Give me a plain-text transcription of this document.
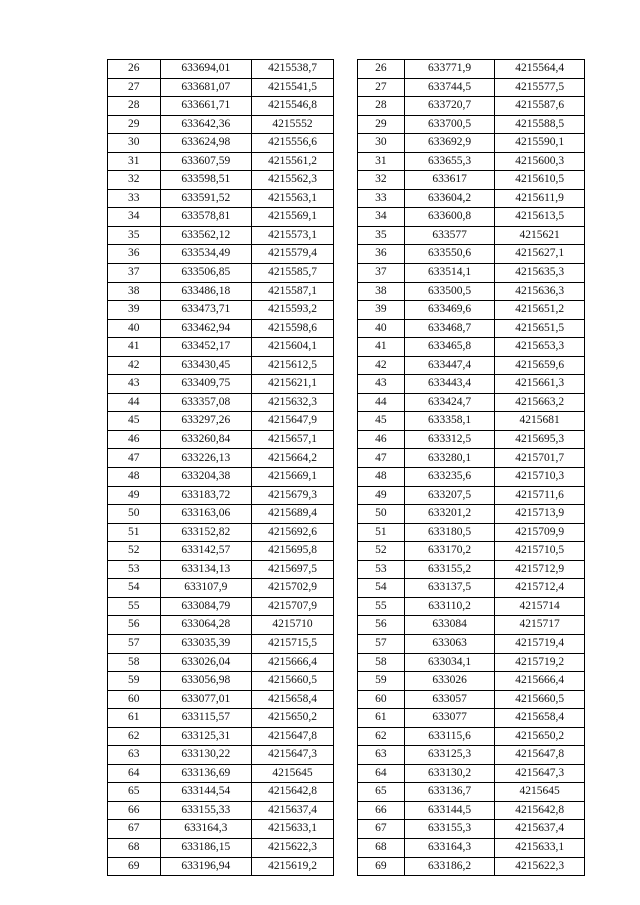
26	633694,01	4215538,7
27	633681,07	4215541,5
28	633661,71	4215546,8
29	633642,36	4215552
30	633624,98	4215556,6
31	633607,59	4215561,2
32	633598,51	4215562,3
33	633591,52	4215563,1
34	633578,81	4215569,1
35	633562,12	4215573,1
36	633534,49	4215579,4
37	633506,85	4215585,7
38	633486,18	4215587,1
39	633473,71	4215593,2
40	633462,94	4215598,6
41	633452,17	4215604,1
42	633430,45	4215612,5
43	633409,75	4215621,1
44	633357,08	4215632,3
45	633297,26	4215647,9
46	633260,84	4215657,1
47	633226,13	4215664,2
48	633204,38	4215669,1
49	633183,72	4215679,3
50	633163,06	4215689,4
51	633152,82	4215692,6
52	633142,57	4215695,8
53	633134,13	4215697,5
54	633107,9	4215702,9
55	633084,79	4215707,9
56	633064,28	4215710
57	633035,39	4215715,5
58	633026,04	4215666,4
59	633056,98	4215660,5
60	633077,01	4215658,4
61	633115,57	4215650,2
62	633125,31	4215647,8
63	633130,22	4215647,3
64	633136,69	4215645
65	633144,54	4215642,8
66	633155,33	4215637,4
67	633164,3	4215633,1
68	633186,15	4215622,3
69	633196,94	4215619,2
26	633771,9	4215564,4
27	633744,5	4215577,5
28	633720,7	4215587,6
29	633700,5	4215588,5
30	633692,9	4215590,1
31	633655,3	4215600,3
32	633617	4215610,5
33	633604,2	4215611,9
34	633600,8	4215613,5
35	633577	4215621
36	633550,6	4215627,1
37	633514,1	4215635,3
38	633500,5	4215636,3
39	633469,6	4215651,2
40	633468,7	4215651,5
41	633465,8	4215653,3
42	633447,4	4215659,6
43	633443,4	4215661,3
44	633424,7	4215663,2
45	633358,1	4215681
46	633312,5	4215695,3
47	633280,1	4215701,7
48	633235,6	4215710,3
49	633207,5	4215711,6
50	633201,2	4215713,9
51	633180,5	4215709,9
52	633170,2	4215710,5
53	633155,2	4215712,9
54	633137,5	4215712,4
55	633110,2	4215714
56	633084	4215717
57	633063	4215719,4
58	633034,1	4215719,2
59	633026	4215666,4
60	633057	4215660,5
61	633077	4215658,4
62	633115,6	4215650,2
63	633125,3	4215647,8
64	633130,2	4215647,3
65	633136,7	4215645
66	633144,5	4215642,8
67	633155,3	4215637,4
68	633164,3	4215633,1
69	633186,2	4215622,3
